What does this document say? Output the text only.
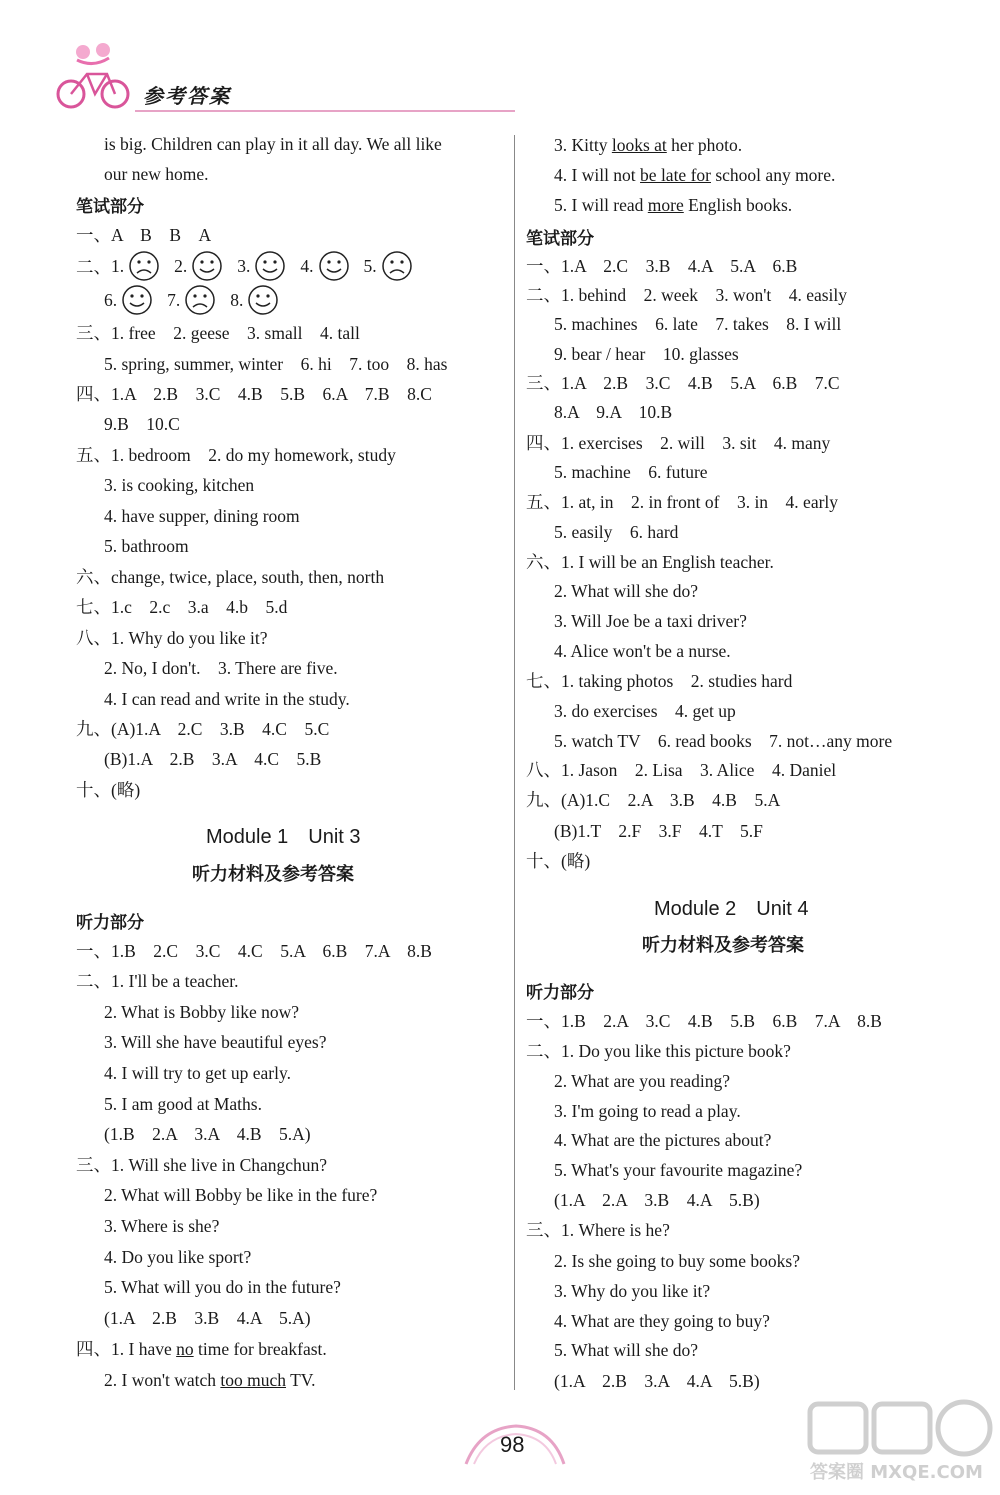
参考答案
is big. Children can play in it all day. We all like
our new home.
笔试部分
一、A　B　B　A
二、1.	2.	3.	4.	5.
6.	7.	8.
三、1. free　2. geese　3. small　4. tall
5. spring, summer, winter　6. hi　7. too　8. has
四、1.A　2.B　3.C　4.B　5.B　6.A　7.B　8.C
9.B　10.C
五、1. bedroom　2. do my homework, study
3. is cooking, kitchen
4. have supper, dining room
5. bathroom
六、change, twice, place, south, then, north
七、1.c　2.c　3.a　4.b　5.d
八、1. Why do you like it?
2. No, I don't.　3. There are five.
4. I can read and write in the study.
九、(A)1.A　2.C　3.B　4.C　5.C
(B)1.A　2.B　3.A　4.C　5.B
十、(略)
Module 1　Unit 3
听力材料及参考答案
听力部分
一、1.B　2.C　3.C　4.C　5.A　6.B　7.A　8.B
二、1. I'll be a teacher.
2. What is Bobby like now?
3. Will she have beautiful eyes?
4. I will try to get up early.
5. I am good at Maths.
(1.B　2.A　3.A　4.B　5.A)
三、1. Will she live in Changchun?
2. What will Bobby be like in the fure?
3. Where is she?
4. Do you like sport?
5. What will you do in the future?
(1.A　2.B　3.B　4.A　5.A)
四、1. I have no time for breakfast.
2. I won't watch too much TV.
3. Kitty looks at her photo.
4. I will not be late for school any more.
5. I will read more English books.
笔试部分
一、1.A　2.C　3.B　4.A　5.A　6.B
二、1. behind　2. week　3. won't　4. easily
5. machines　6. late　7. takes　8. I will
9. bear / hear　10. glasses
三、1.A　2.B　3.C　4.B　5.A　6.B　7.C
8.A　9.A　10.B
四、1. exercises　2. will　3. sit　4. many
5. machine　6. future
五、1. at, in　2. in front of　3. in　4. early
5. easily　6. hard
六、1. I will be an English teacher.
2. What will she do?
3. Will Joe be a taxi driver?
4. Alice won't be a nurse.
七、1. taking photos　2. studies hard
3. do exercises　4. get up
5. watch TV　6. read books　7. not…any more
八、1. Jason　2. Lisa　3. Alice　4. Daniel
九、(A)1.C　2.A　3.B　4.B　5.A
(B)1.T　2.F　3.F　4.T　5.F
十、(略)
Module 2　Unit 4
听力材料及参考答案
听力部分
一、1.B　2.A　3.C　4.B　5.B　6.B　7.A　8.B
二、1. Do you like this picture book?
2. What are you reading?
3. I'm going to read a play.
4. What are the pictures about?
5. What's your favourite magazine?
(1.A　2.A　3.B　4.A　5.B)
三、1. Where is he?
2. Is she going to buy some books?
3. Why do you like it?
4. What are they going to buy?
5. What will she do?
(1.A　2.B　3.A　4.A　5.B)
98
答案圈 MXQE.COM
